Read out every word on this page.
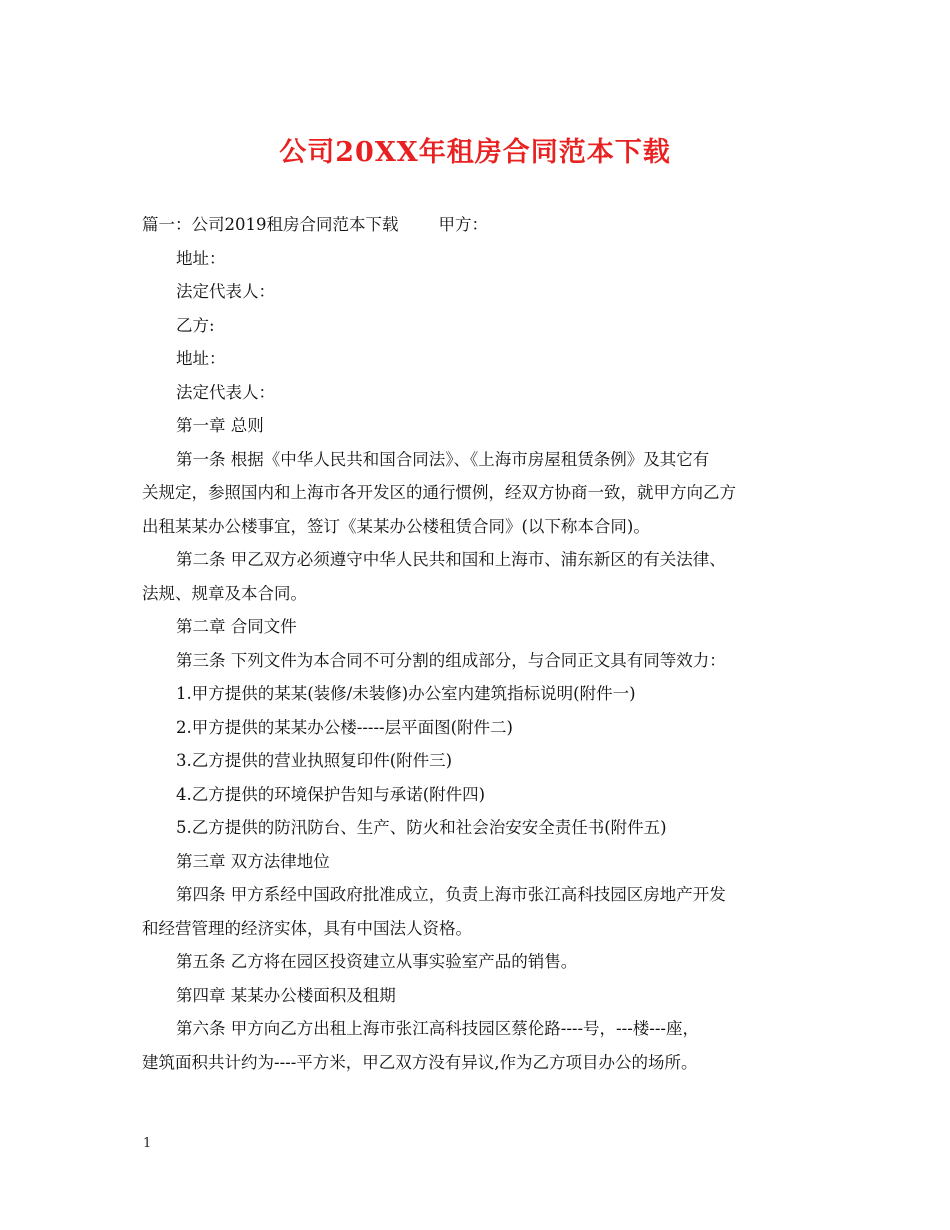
公司20XX年租房合同范本下载
篇一：公司2019租房合同范本下载 甲方：
地址：
法定代表人：
乙方:
地址：
法定代表人：
第一章 总则
第一条 根据《中华人民共和国合同法》、《上海市房屋租赁条例》及其它有
关规定，参照国内和上海市各开发区的通行惯例，经双方协商一致，就甲方向乙方
出租某某办公楼事宜，签订《某某办公楼租赁合同》(以下称本合同)。
第二条 甲乙双方必须遵守中华人民共和国和上海市、浦东新区的有关法律、
法规、规章及本合同。
第二章 合同文件
第三条 下列文件为本合同不可分割的组成部分，与合同正文具有同等效力：
1.甲方提供的某某(装修/未装修)办公室内建筑指标说明(附件一)
2.甲方提供的某某办公楼-----层平面图(附件二)
3.乙方提供的营业执照复印件(附件三)
4.乙方提供的环境保护告知与承诺(附件四)
5.乙方提供的防汛防台、生产、防火和社会治安安全责任书(附件五)
第三章 双方法律地位
第四条 甲方系经中国政府批准成立，负责上海市张江高科技园区房地产开发
和经营管理的经济实体，具有中国法人资格。
第五条 乙方将在园区投资建立从事实验室产品的销售。
第四章 某某办公楼面积及租期
第六条 甲方向乙方出租上海市张江高科技园区蔡伦路----号，---楼---座，
建筑面积共计约为----平方米，甲乙双方没有异议,作为乙方项目办公的场所。
1
